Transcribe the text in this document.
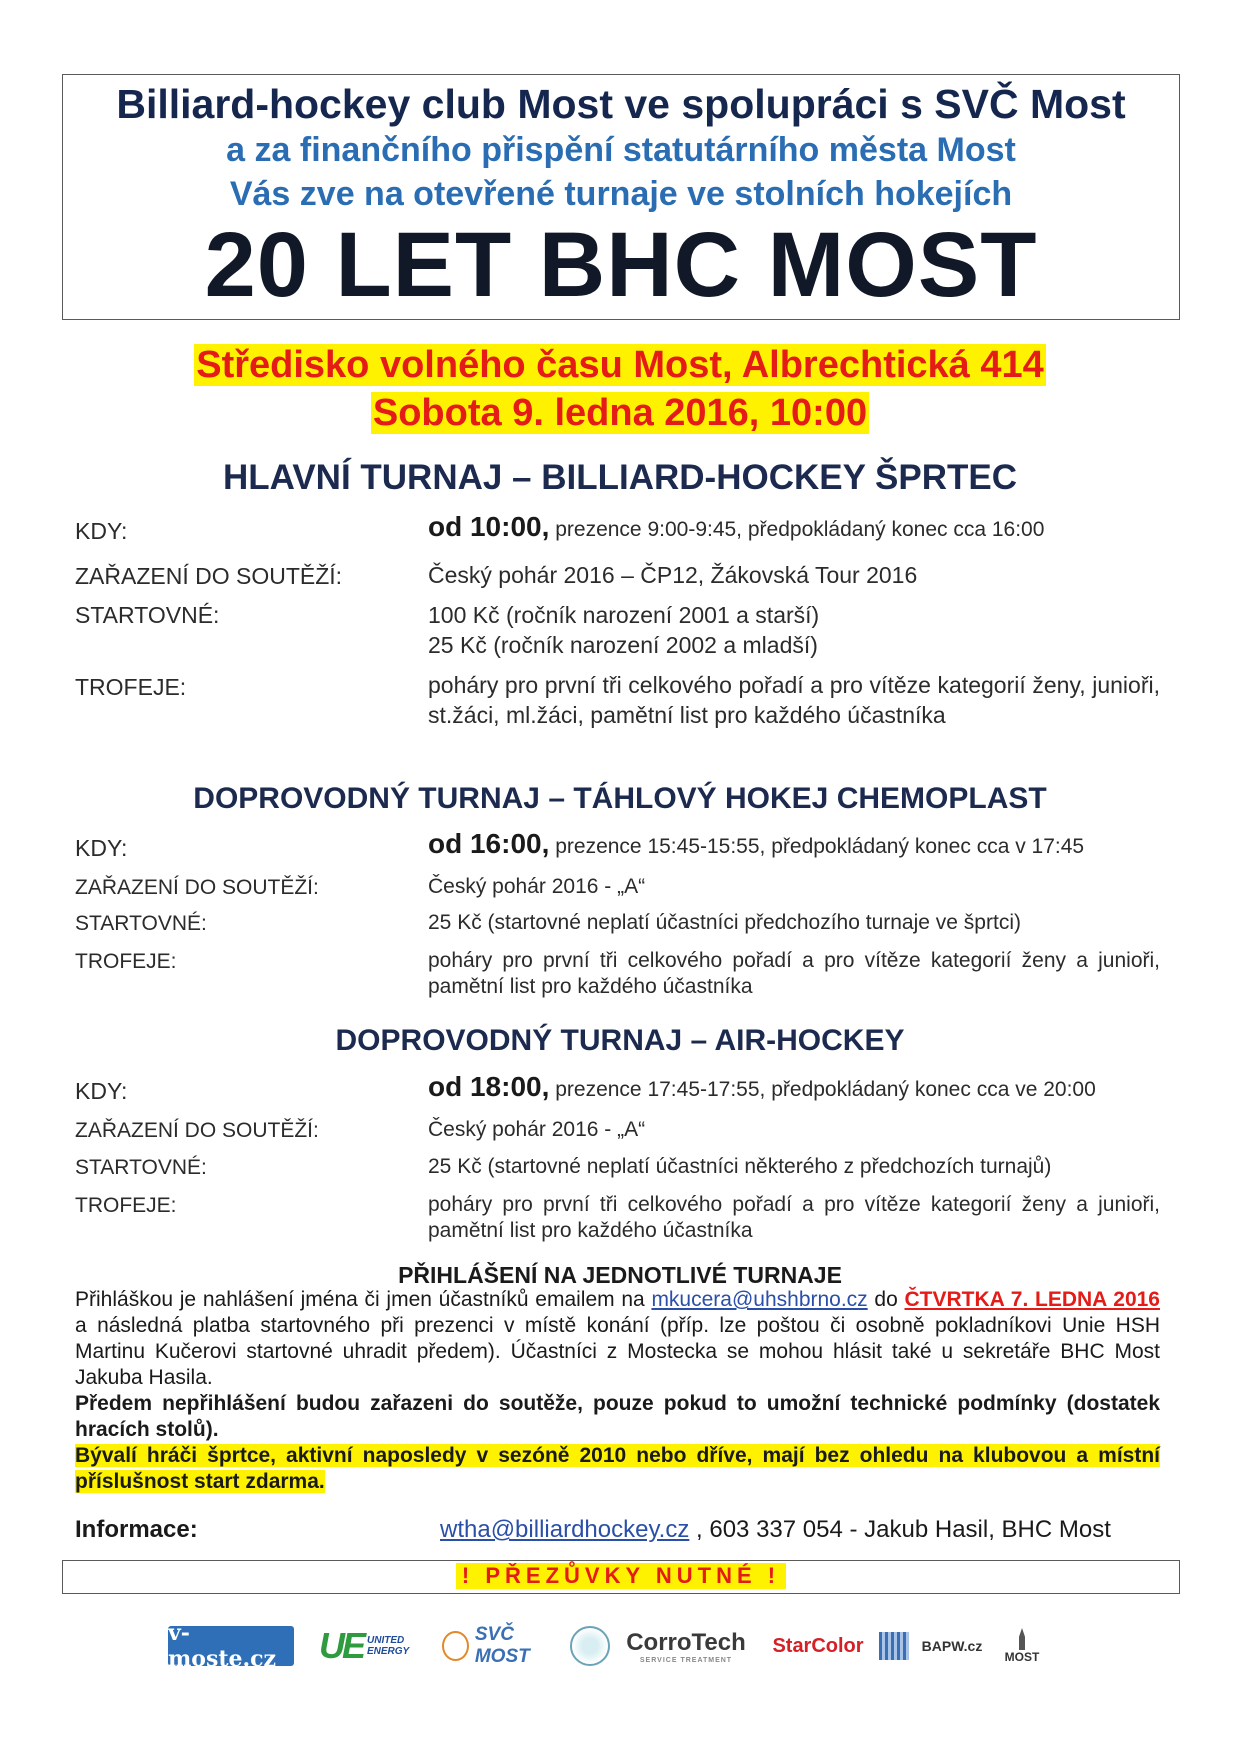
Billiard-hockey club Most ve spolupráci s SVČ Most
a za finančního přispění statutárního města Most
Vás zve na otevřené turnaje ve stolních hokejích
20 LET BHC MOST
Středisko volného času Most, Albrechtická 414
Sobota 9. ledna 2016, 10:00
HLAVNÍ TURNAJ – BILLIARD-HOCKEY ŠPRTEC
KDY:	od 10:00, prezence 9:00-9:45, předpokládaný konec cca 16:00
ZAŘAZENÍ DO SOUTĚŽÍ:	Český pohár 2016 – ČP12, Žákovská Tour 2016
STARTOVNÉ:	100 Kč (ročník narození 2001 a starší)
25 Kč (ročník narození 2002 a mladší)
TROFEJE:	poháry pro první tři celkového pořadí a pro vítěze kategorií ženy, junioři, st.žáci, ml.žáci, pamětní list pro každého účastníka
DOPROVODNÝ TURNAJ – TÁHLOVÝ HOKEJ CHEMOPLAST
KDY:	od 16:00, prezence 15:45-15:55, předpokládaný konec cca v 17:45
ZAŘAZENÍ DO SOUTĚŽÍ:	Český pohár 2016 - „A“
STARTOVNÉ:	25 Kč (startovné neplatí účastníci předchozího turnaje ve šprtci)
TROFEJE:	poháry pro první tři celkového pořadí a pro vítěze kategorií ženy a junioři, pamětní list pro každého účastníka
DOPROVODNÝ TURNAJ – AIR-HOCKEY
KDY:	od 18:00, prezence 17:45-17:55, předpokládaný konec cca ve 20:00
ZAŘAZENÍ DO SOUTĚŽÍ:	Český pohár 2016 - „A“
STARTOVNÉ:	25 Kč (startovné neplatí účastníci některého z předchozích turnajů)
TROFEJE:	poháry pro první tři celkového pořadí a pro vítěze kategorií ženy a junioři, pamětní list pro každého účastníka
PŘIHLÁŠENÍ NA JEDNOTLIVÉ TURNAJE
Přihláškou je nahlášení jména či jmen účastníků emailem na mkucera@uhshbrno.cz do ČTVRTKA 7. LEDNA 2016 a následná platba startovného při prezenci v místě konání (příp. lze poštou či osobně pokladníkovi Unie HSH Martinu Kučerovi startovné uhradit předem). Účastníci z Mostecka se mohou hlásit také u sekretáře BHC Most Jakuba Hasila.
Předem nepřihlášení budou zařazeni do soutěže, pouze pokud to umožní technické podmínky (dostatek hracích stolů).
Bývalí hráči šprtce, aktivní naposledy v sezóně 2010 nebo dříve, mají bez ohledu na klubovou a místní příslušnost start zdarma.
Informace:	wtha@billiardhockey.cz , 603 337 054 - Jakub Hasil, BHC Most
! PŘEZŮVKY NUTNÉ !
v-moste.cz	UE UNITED ENERGY
SVČ MOST
CorroTech
SERVICE TREATMENT
StarColor	BAPW.cz
MOST
